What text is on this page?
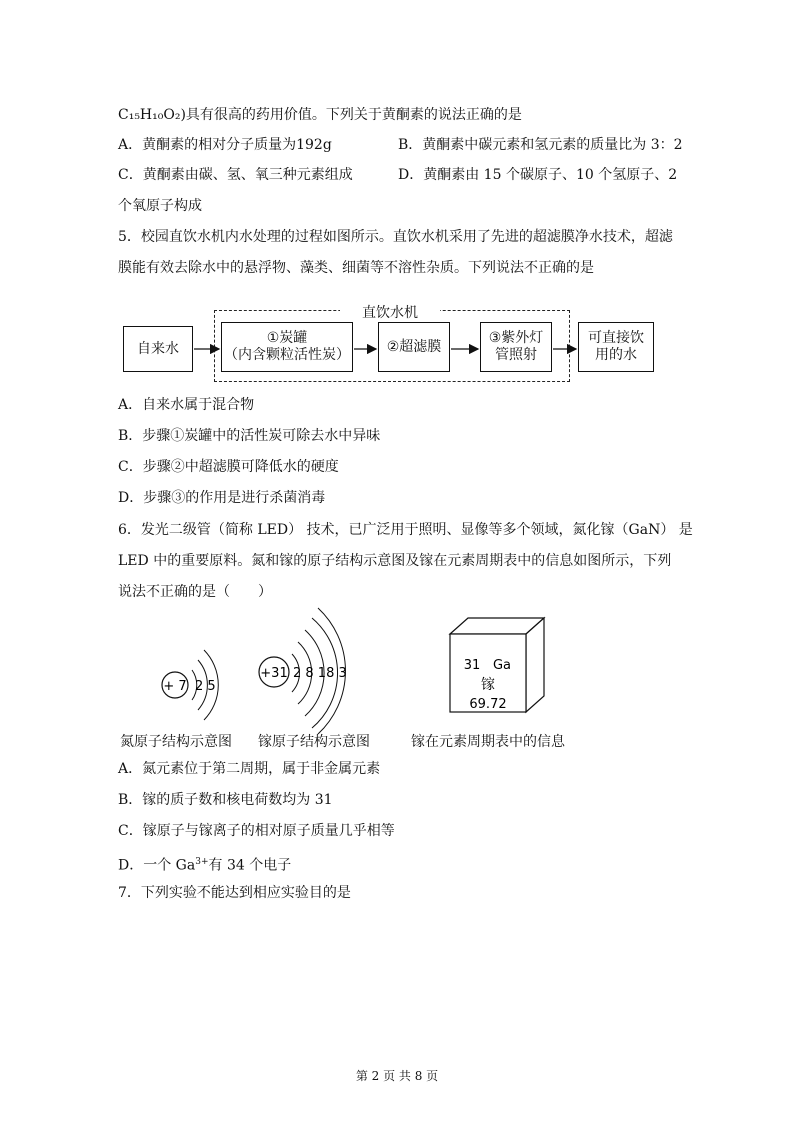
C₁₅H₁₀O₂)具有很高的药用价值。下列关于黄酮素的说法正确的是
A．黄酮素的相对分子质量为192g	B．黄酮素中碳元素和氢元素的质量比为 3：2
C．黄酮素由碳、氢、氧三种元素组成	D．黄酮素由 15 个碳原子、10 个氢原子、2
个氧原子构成
5．校园直饮水机内水处理的过程如图所示。直饮水机采用了先进的超滤膜净水技术，超滤
膜能有效去除水中的悬浮物、藻类、细菌等不溶性杂质。下列说法不正确的是
直饮水机
自来水
①炭罐
（内含颗粒活性炭）
②超滤膜
③紫外灯
管照射
可直接饮
用的水
A．自来水属于混合物
B．步骤①炭罐中的活性炭可除去水中异味
C．步骤②中超滤膜可降低水的硬度
D．步骤③的作用是进行杀菌消毒
6．发光二级管（简称 LED） 技术，已广泛用于照明、显像等多个领域，氮化镓（GaN） 是
LED 中的重要原料。氮和镓的原子结构示意图及镓在元素周期表中的信息如图所示，下列
说法不正确的是（　　）
+ 7 2 5
+31 2 8 18 3
31 Ga
镓
69.72
氮原子结构示意图 镓原子结构示意图	镓在元素周期表中的信息
A．氮元素位于第二周期，属于非金属元素
B．镓的质子数和核电荷数均为 31
C．镓原子与镓离子的相对原子质量几乎相等
D．一个 $Ga^{3+}$有 34 个电子
7．下列实验不能达到相应实验目的是
第 2 页 共 8 页
